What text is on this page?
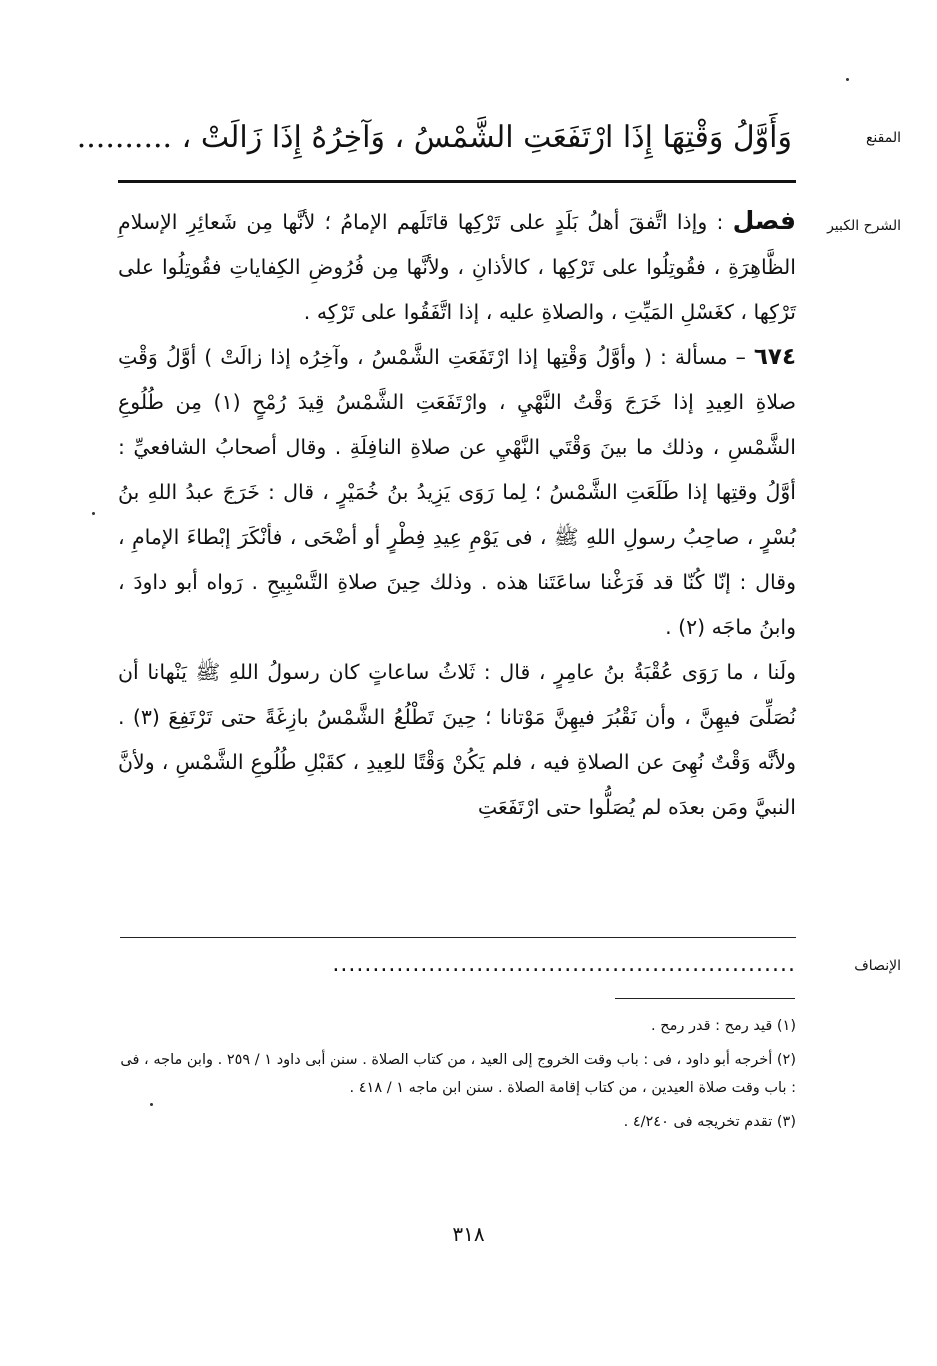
المقنع
وَأَوَّلُ وَقْتِهَا إِذَا ارْتَفَعَتِ الشَّمْسُ ، وَآخِرُهُ إِذَا زَالَتْ ، ..........
الشرح الكبير

فصل : وإذا اتَّفقَ أهلُ بَلَدٍ على تَرْكِها قاتَلَهم الإمامُ ؛ لأنَّها مِن شَعائِرِ الإسلامِ الظَّاهِرَةِ ، فقُوتِلُوا على تَرْكِها ، كالأذانِ ، ولأنَّها مِن فُرُوضِ الكِفاياتِ فقُوتِلُوا على تَرْكِها ، كغَسْلِ المَيِّتِ ، والصلاةِ عليه ، إذا اتَّفَقُوا على تَرْكِه .

٦٧٤ – مسألة : ( وأوَّلُ وَقْتِها إذا ارْتَفَعَتِ الشَّمْسُ ، وآخِرُه إذا زالَتْ ) أوَّلُ وَقْتِ صلاةِ العِيدِ إذا خَرَجَ وَقْتُ النَّهْيِ ، وارْتَفَعَتِ الشَّمْسُ قِيدَ رُمْحٍ (١) مِن طُلُوعِ الشَّمْسِ ، وذلك ما بينَ وَقْتَي النَّهْيِ عن صلاةِ النافِلَةِ . وقال أصحابُ الشافعيِّ : أوَّلُ وقتِها إذا طَلَعَتِ الشَّمْسُ ؛ لِما رَوَى يَزِيدُ بنُ خُمَيْرٍ ، قال : خَرَجَ عبدُ اللهِ بنُ بُسْرٍ ، صاحِبُ رسولِ اللهِ ﷺ ، فى يَوْمِ عِيدِ فِطْرٍ أو أضْحَى ، فأنْكَرَ إبْطاءَ الإمامِ ، وقال : إنّا كُنّا قد فَرَغْنا ساعَتَنا هذه . وذلك حِينَ صلاةِ التَّسْبِيحِ . رَواه أبو داودَ ، وابنُ ماجَه (٢) .

ولَنا ، ما رَوَى عُقْبَةُ بنُ عامِرٍ ، قال : ثَلاثُ ساعاتٍ كان رسولُ اللهِ ﷺ يَنْهانا أن نُصَلِّىَ فيهِنَّ ، وأن نَقْبُرَ فيهِنَّ مَوْتانا ؛ حِينَ تَطْلُعُ الشَّمْسُ بازِغَةً حتى تَرْتَفِعَ (٣) . ولأنَّه وَقْتٌ نُهِىَ عن الصلاةِ فيه ، فلم يَكُنْ وَقْتًا للعِيدِ ، كقَبْلِ طُلُوعِ الشَّمْسِ ، ولأنَّ النبيَّ ومَن بعدَه لم يُصَلُّوا حتى ارْتَفَعَتِ

الإنصاف
..........................................................

(١) قيد رمح : قدر رمح .

(٢) أخرجه أبو داود ، فى : باب وقت الخروج إلى العيد ، من كتاب الصلاة . سنن أبى داود ١ / ٢٥٩ . وابن ماجه ، فى : باب وقت صلاة العيدين ، من كتاب إقامة الصلاة . سنن ابن ماجه ١ / ٤١٨ .

(٣) تقدم تخريجه فى ٤/٢٤٠ .

٣١٨
